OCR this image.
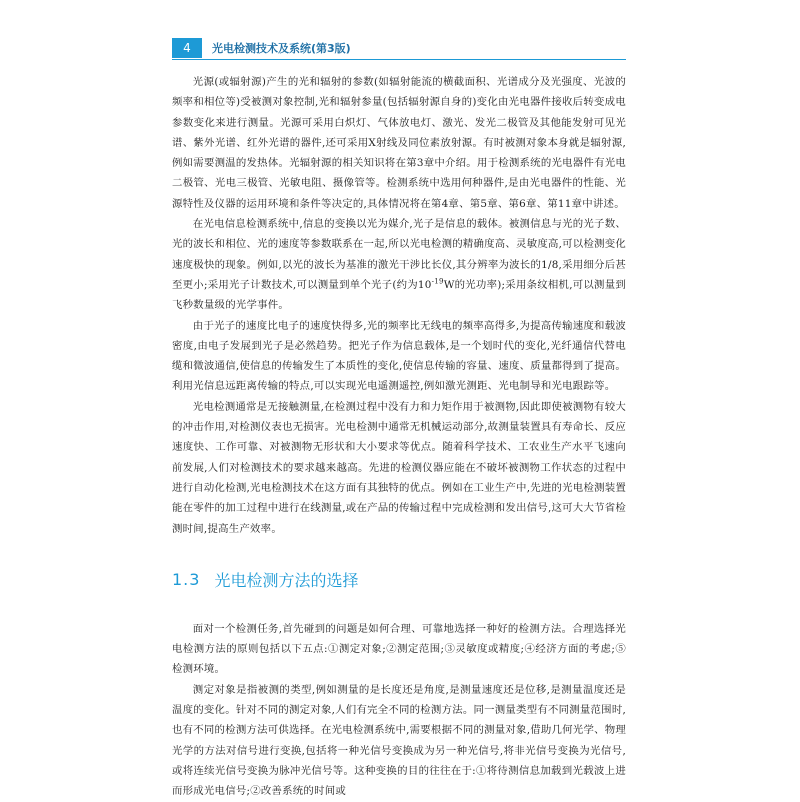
4	光电检测技术及系统(第3版)

光源(或辐射源)产生的光和辐射的参数(如辐射能流的横截面积、光谱成分及光强度、光波的频率和相位等)受被测对象控制,光和辐射参量(包括辐射源自身的)变化由光电器件接收后转变成电参数变化来进行测量。光源可采用白炽灯、气体放电灯、激光、发光二极管及其他能发射可见光谱、紫外光谱、红外光谱的器件,还可采用X射线及同位素放射源。有时被测对象本身就是辐射源,例如需要测温的发热体。光辐射源的相关知识将在第3章中介绍。用于检测系统的光电器件有光电二极管、光电三极管、光敏电阻、摄像管等。检测系统中选用何种器件,是由光电器件的性能、光源特性及仪器的运用环境和条件等决定的,具体情况将在第4章、第5章、第6章、第11章中讲述。

在光电信息检测系统中,信息的变换以光为媒介,光子是信息的载体。被测信息与光的光子数、光的波长和相位、光的速度等参数联系在一起,所以光电检测的精确度高、灵敏度高,可以检测变化速度极快的现象。例如,以光的波长为基准的激光干涉比长仪,其分辨率为波长的1/8,采用细分后甚至更小;采用光子计数技术,可以测量到单个光子(约为$10^{-19}W$的光功率);采用条纹相机,可以测量到飞秒数量级的光学事件。

由于光子的速度比电子的速度快得多,光的频率比无线电的频率高得多,为提高传输速度和载波密度,由电子发展到光子是必然趋势。把光子作为信息载体,是一个划时代的变化,光纤通信代替电缆和微波通信,使信息的传输发生了本质性的变化,使信息传输的容量、速度、质量都得到了提高。利用光信息远距离传输的特点,可以实现光电遥测遥控,例如激光测距、光电制导和光电跟踪等。

光电检测通常是无接触测量,在检测过程中没有力和力矩作用于被测物,因此即使被测物有较大的冲击作用,对检测仪表也无损害。光电检测中通常无机械运动部分,故测量装置具有寿命长、反应速度快、工作可靠、对被测物无形状和大小要求等优点。随着科学技术、工农业生产水平飞速向前发展,人们对检测技术的要求越来越高。先进的检测仪器应能在不破坏被测物工作状态的过程中进行自动化检测,光电检测技术在这方面有其独特的优点。例如在工业生产中,先进的光电检测装置能在零件的加工过程中进行在线测量,或在产品的传输过程中完成检测和发出信号,这可大大节省检测时间,提高生产效率。

1.3 光电检测方法的选择

面对一个检测任务,首先碰到的问题是如何合理、可靠地选择一种好的检测方法。合理选择光电检测方法的原则包括以下五点:①测定对象;②测定范围;③灵敏度或精度;④经济方面的考虑;⑤检测环境。

测定对象是指被测的类型,例如测量的是长度还是角度,是测量速度还是位移,是测量温度还是温度的变化。针对不同的测定对象,人们有完全不同的检测方法。同一测量类型有不同测量范围时,也有不同的检测方法可供选择。在光电检测系统中,需要根据不同的测量对象,借助几何光学、物理光学的方法对信号进行变换,包括将一种光信号变换成为另一种光信号,将非光信号变换为光信号,或将连续光信号变换为脉冲光信号等。这种变换的目的往往在于:①将待测信息加载到光载波上进而形成光电信号;②改善系统的时间或
